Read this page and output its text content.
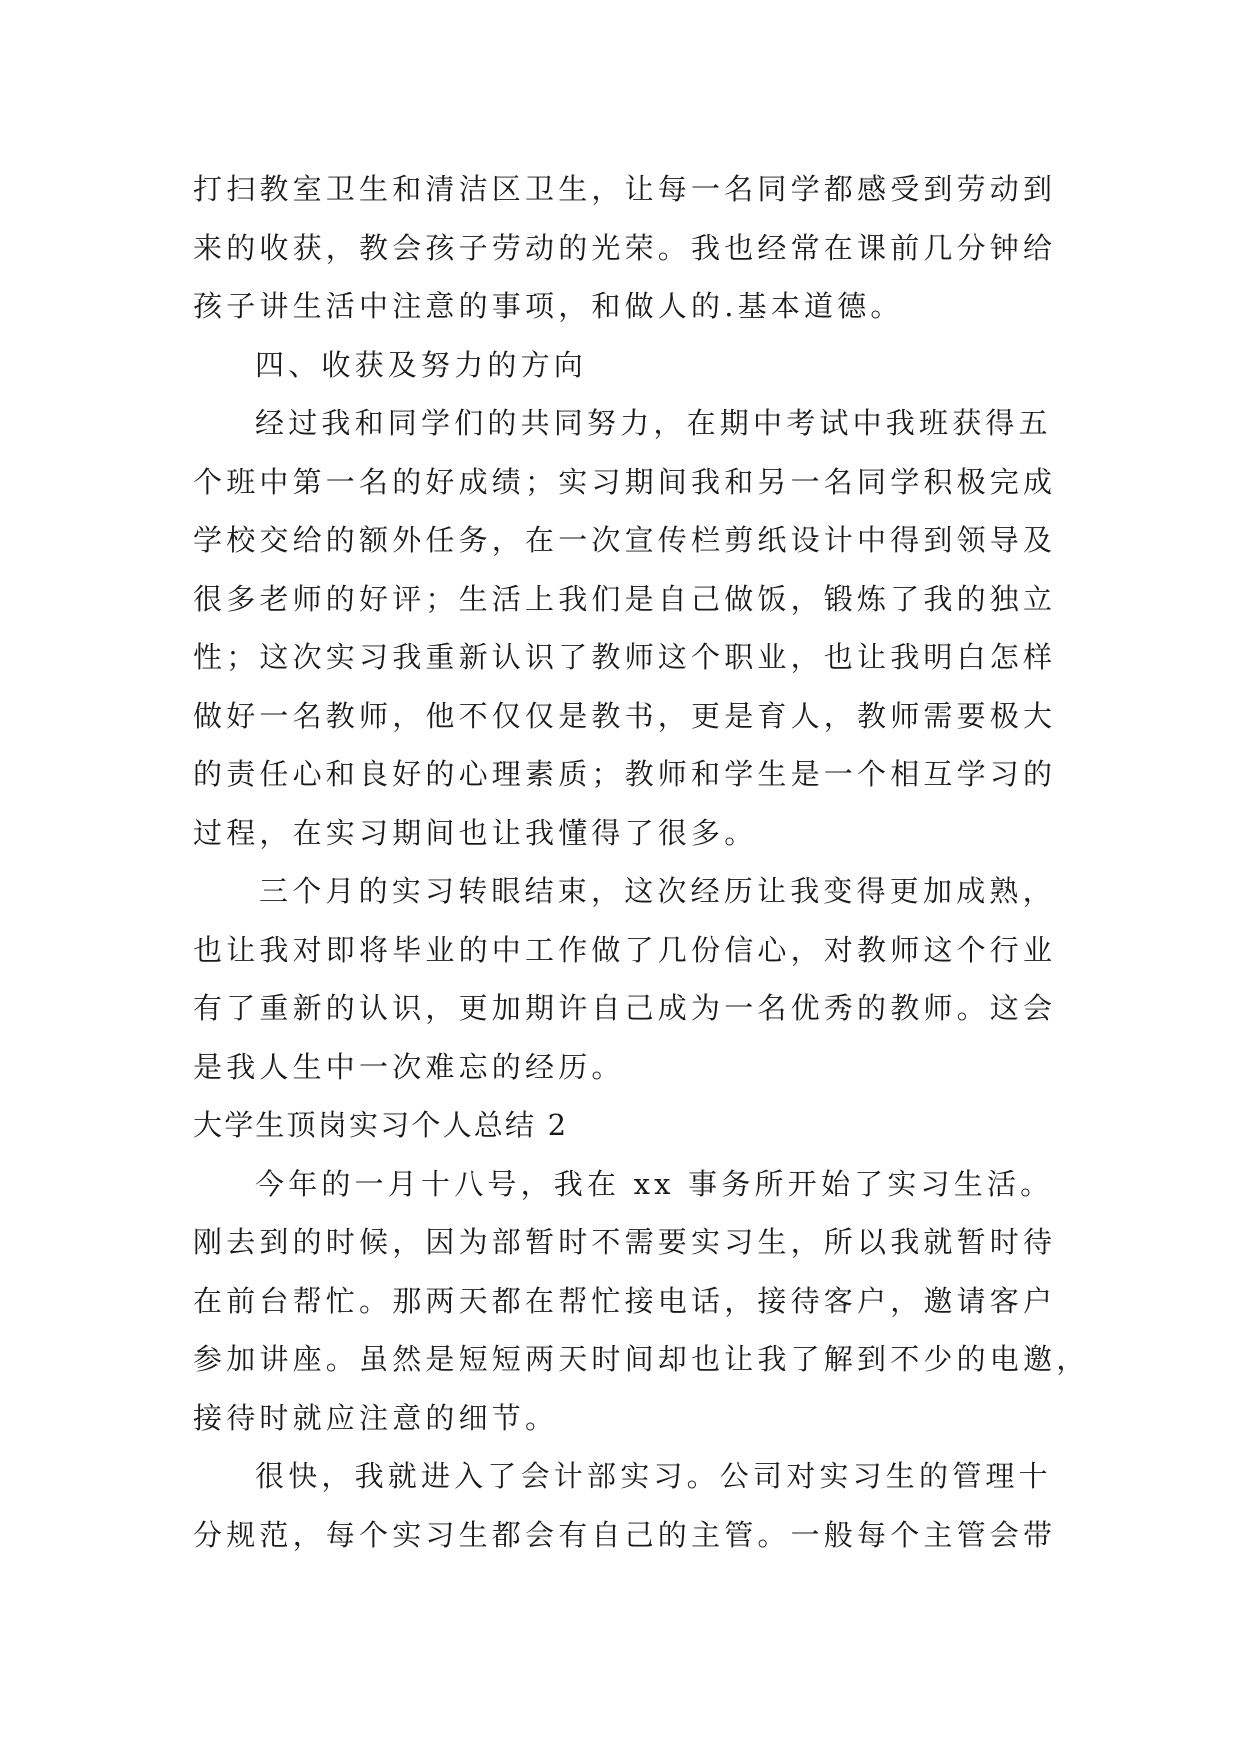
打扫教室卫生和清洁区卫生，让每一名同学都感受到劳动到
来的收获，教会孩子劳动的光荣。我也经常在课前几分钟给
孩子讲生活中注意的事项，和做人的.基本道德。
四、收获及努力的方向
经过我和同学们的共同努力，在期中考试中我班获得五
个班中第一名的好成绩；实习期间我和另一名同学积极完成
学校交给的额外任务，在一次宣传栏剪纸设计中得到领导及
很多老师的好评；生活上我们是自己做饭，锻炼了我的独立
性；这次实习我重新认识了教师这个职业，也让我明白怎样
做好一名教师，他不仅仅是教书，更是育人，教师需要极大
的责任心和良好的心理素质；教师和学生是一个相互学习的
过程，在实习期间也让我懂得了很多。
三个月的实习转眼结束，这次经历让我变得更加成熟，
也让我对即将毕业的中工作做了几份信心，对教师这个行业
有了重新的认识，更加期许自己成为一名优秀的教师。这会
是我人生中一次难忘的经历。
大学生顶岗实习个人总结 2
今年的一月十八号，我在 xx 事务所开始了实习生活。
刚去到的时候，因为部暂时不需要实习生，所以我就暂时待
在前台帮忙。那两天都在帮忙接电话，接待客户，邀请客户
参加讲座。虽然是短短两天时间却也让我了解到不少的电邀，
接待时就应注意的细节。
很快，我就进入了会计部实习。公司对实习生的管理十
分规范，每个实习生都会有自己的主管。一般每个主管会带
